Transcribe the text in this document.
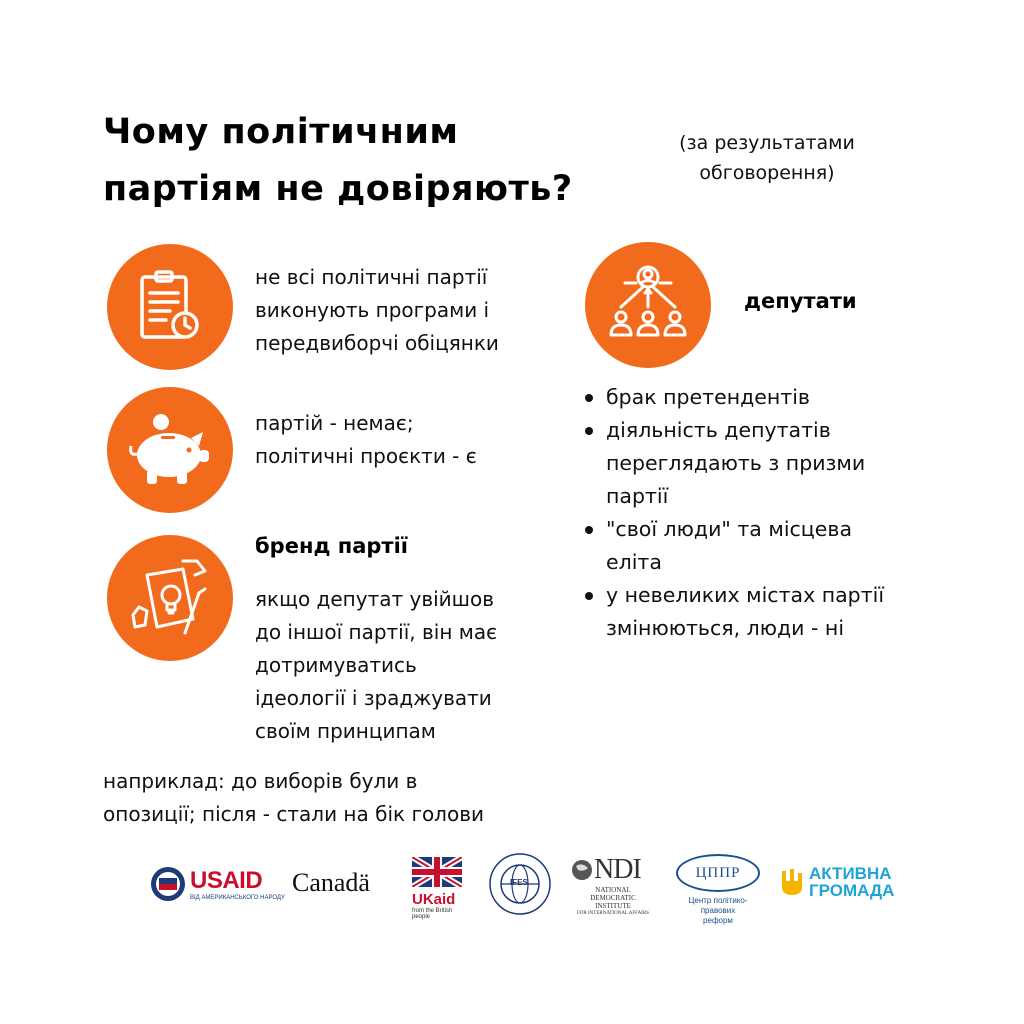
Чому політичним
партіям не довіряють?
(за результатами
обговорення)
не всі політичні партії
виконують програми і
передвиборчі обіцянки
партій - немає;
політичні проєкти - є
бренд партії
якщо депутат увійшов
до іншої партії, він має
дотримуватись
ідеології і зраджувати
своїм принципам
наприклад: до виборів були в
опозиції; після - стали на бік голови
депутати
брак претендентів
діяльність депутатів
переглядають з призми
партії
"свої люди" та місцева
еліта
у невеликих містах партії
змінюються, люди - ні
USAID
ВІД АМЕРИКАНСЬКОГО НАРОДУ
Canadä
UKaid
from the British people
IFES NDI
NATIONAL
DEMOCRATIC
INSTITUTE
FOR INTERNATIONAL AFFAIRS
ЦППР
Центр політико-правових
реформ
АКТИВНА
ГРОМАДА
